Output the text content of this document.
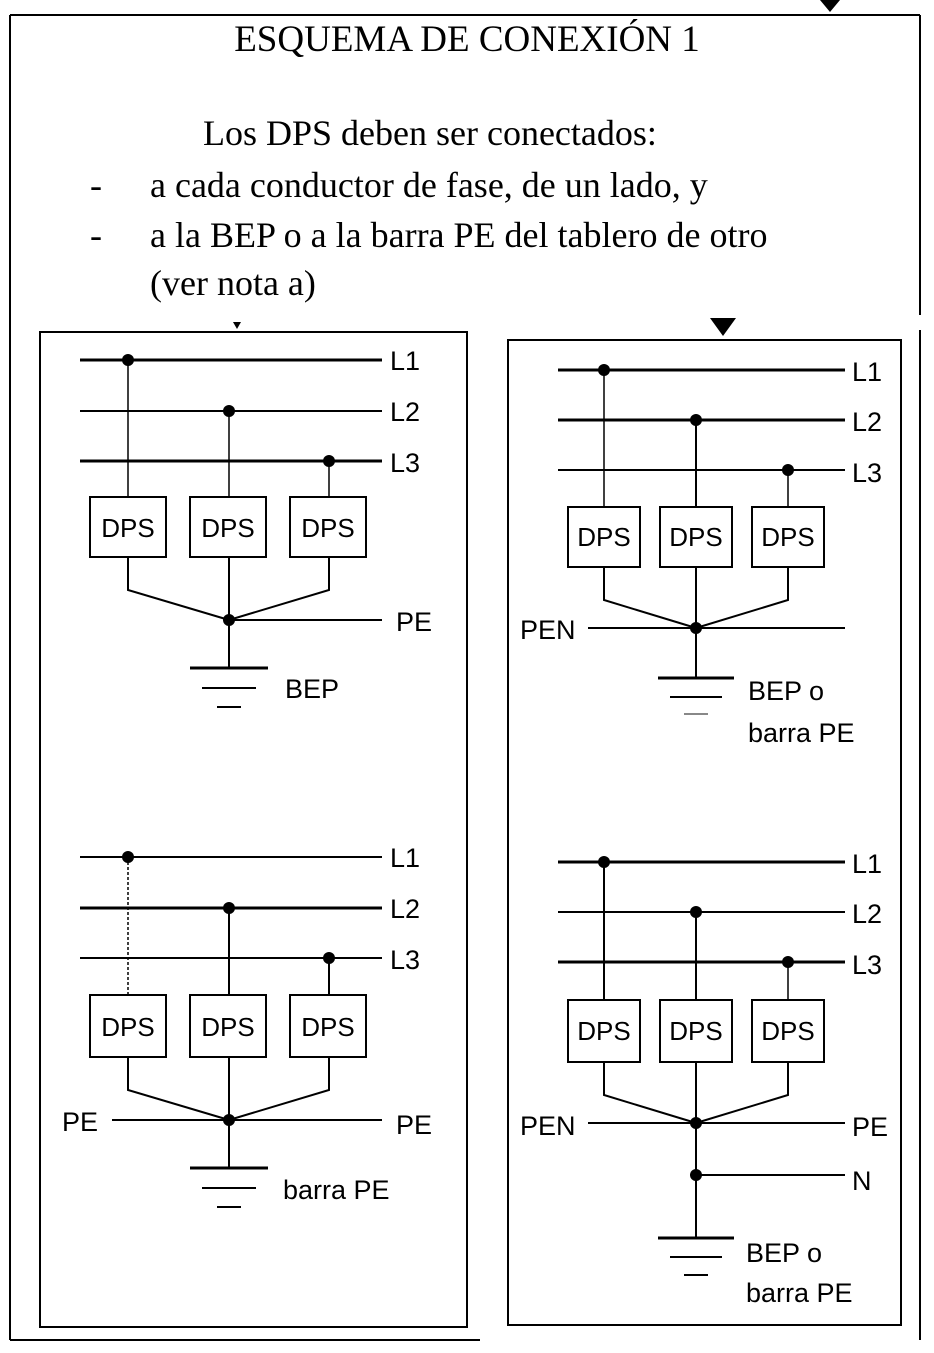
L1
L2
L3
DPS DPS DPS
PE
BEP
L1
L2
L3
DPS DPS DPS
PE	PE
barra PE
L1
L2
L3
DPS DPS DPS
PEN
BEP o
barra PE
L1
L2
L3
DPS DPS DPS
PEN	PE
N
BEP o
barra PE
ESQUEMA DE CONEXIÓN 1
Los DPS deben ser conectados:
- a cada conductor de fase, de un lado, y
- a la BEP o a la barra PE del tablero de otro
(ver nota a)
